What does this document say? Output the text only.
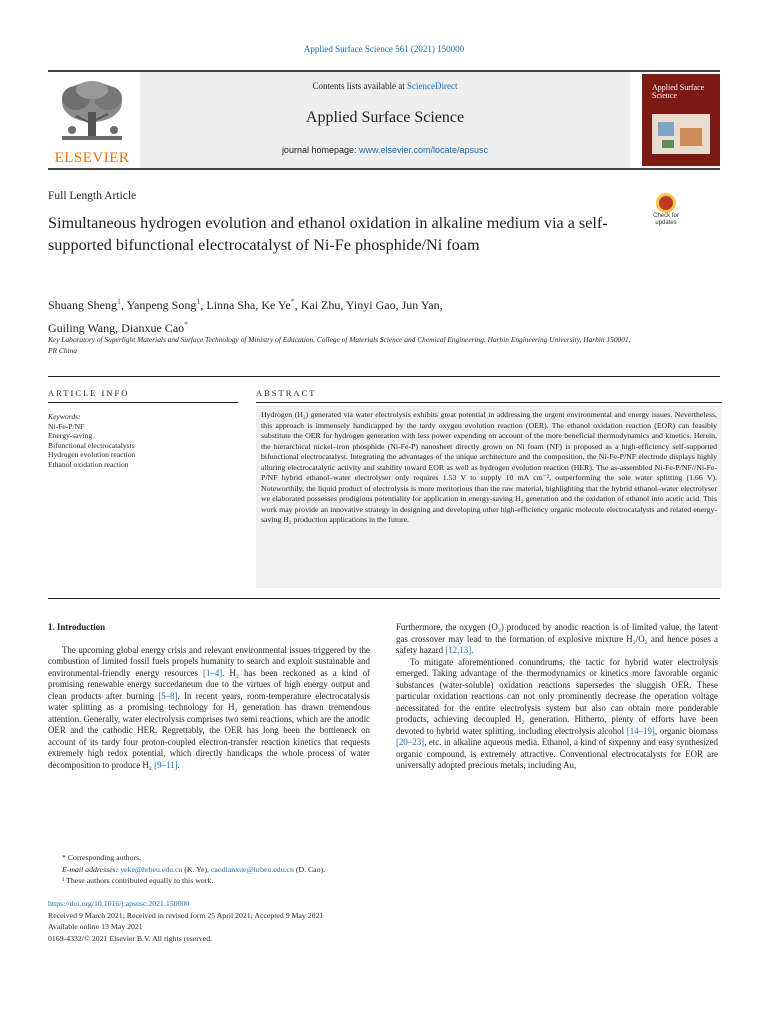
Applied Surface Science 561 (2021) 150000
ELSEVIER
Contents lists available at ScienceDirect
Applied Surface Science
journal homepage: www.elsevier.com/locate/apsusc
Applied Surface Science
Full Length Article
Check for updates
Simultaneous hydrogen evolution and ethanol oxidation in alkaline medium via a self-supported bifunctional electrocatalyst of Ni-Fe phosphide/Ni foam
Shuang Sheng$^1$, Yanpeng Song$^1$, Linna Sha, Ke Ye*, Kai Zhu, Yinyi Gao, Jun Yan,
Guiling Wang, Dianxue Cao*
Key Laboratory of Superlight Materials and Surface Technology of Ministry of Education, College of Materials Science and Chemical Engineering, Harbin Engineering University, Harbin 150001, PR China
ARTICLE INFO	ABSTRACT
Keywords:
Ni-Fe-P/NF
Energy-saving
Bifunctional electrocatalysts
Hydrogen evolution reaction
Ethanol oxidation reaction
Hydrogen (H₂) generated via water electrolysis exhibits great potential in addressing the urgent environmental and energy issues. Nevertheless, this approach is immensely handicapped by the tardy oxygen evolution reaction (OER). The ethanol oxidation reaction (EOR) can feasibly substitute the OER for hydrogen generation with less power expending on account of the more beneficial thermodynamics and kinetics. Herein, the hierarchical nickel–iron phosphide (Ni-Fe-P) nanosheet directly grown on Ni foam (NF) is proposed as a high-efficiency self-supported bifunctional electrocatalyst. Integrating the advantages of the unique architecture and the composition, the Ni-Fe-P/NF electrode displays highly alluring electrocatalytic activity and stability toward EOR as well as hydrogen evolution reaction (HER). The as-assembled Ni-Fe-P/NF//Ni-Fe-P/NF hybrid ethanol–water electrolyser only requires 1.53 V to supply 10 mA cm⁻², outperforming the sole water splitting (1.66 V). Noteworthily, the liquid product of electrolysis is more meritorious than the raw material, highlighting that the hybrid ethanol–water electrolyser we elaborated possesses prodigious potentiality for application in energy-saving H₂ generation and the oxidation of ethanol into acetic acid. This work may provide an innovative strategy in designing and developing other high-efficiency organic molecule electrocatalysts and related energy-saving H₂ production applications in the future.
1. Introduction

The upcoming global energy crisis and relevant environmental issues triggered by the combustion of limited fossil fuels propels humanity to search and exploit sustainable and environmental-friendly energy resources [1–4]. H₂ has been reckoned as a kind of promising renewable energy succedaneum due to the virtues of high energy output and clean products after burning [5–8]. In recent years, room-temperature electrocatalysis water splitting as a promising technology for H₂ generation has drawn tremendous attention. Generally, water electrolysis comprises two semi reactions, which are the anodic OER and the cathodic HER. Regrettably, the OER has long been the bottleneck on account of its tardy four proton-coupled electron-transfer reaction kinetics that requests extremely high redox potential, which directly handicaps the whole process of water decomposition to produce H₂ [9–11].

Furthermore, the oxygen (O₂) produced by anodic reaction is of limited value, the latent gas crossover may lead to the formation of explosive mixture H₂/O₂ and hence poses a safety hazard [12,13].

To mitigate aforementioned conundrums, the tactic for hybrid water electrolysis emerged. Taking advantage of the thermodynamics or kinetics more favorable organic substances (water-soluble) oxidation reactions supersedes the sluggish OER. These particular oxidation reactions can not only prominently decrease the operation voltage necessitated for the entire electrolysis system but also can obtain more ponderable products, achieving decoupled H₂ generation. Hitherto, plenty of efforts have been devoted to hybrid water splitting, including electrolysis alcohol [14–19], organic biomass [20–23], etc. in alkaline aqueous media. Ethanol, a kind of sixpenny and easy synthesized organic compound, is extremely attractive. Conventional electrocatalysts for EOR are universally adopted precious metals, including Au,

* Corresponding authors.
E-mail addresses: yeke@hrbeu.edu.cn (K. Ye), caodianxue@hrbeu.edu.cn (D. Cao).
¹ These authors contributed equally to this work.
https://doi.org/10.1016/j.apsusc.2021.150000
Received 9 March 2021; Received in revised form 25 April 2021; Accepted 9 May 2021
Available online 13 May 2021
0169-4332/© 2021 Elsevier B.V. All rights reserved.
